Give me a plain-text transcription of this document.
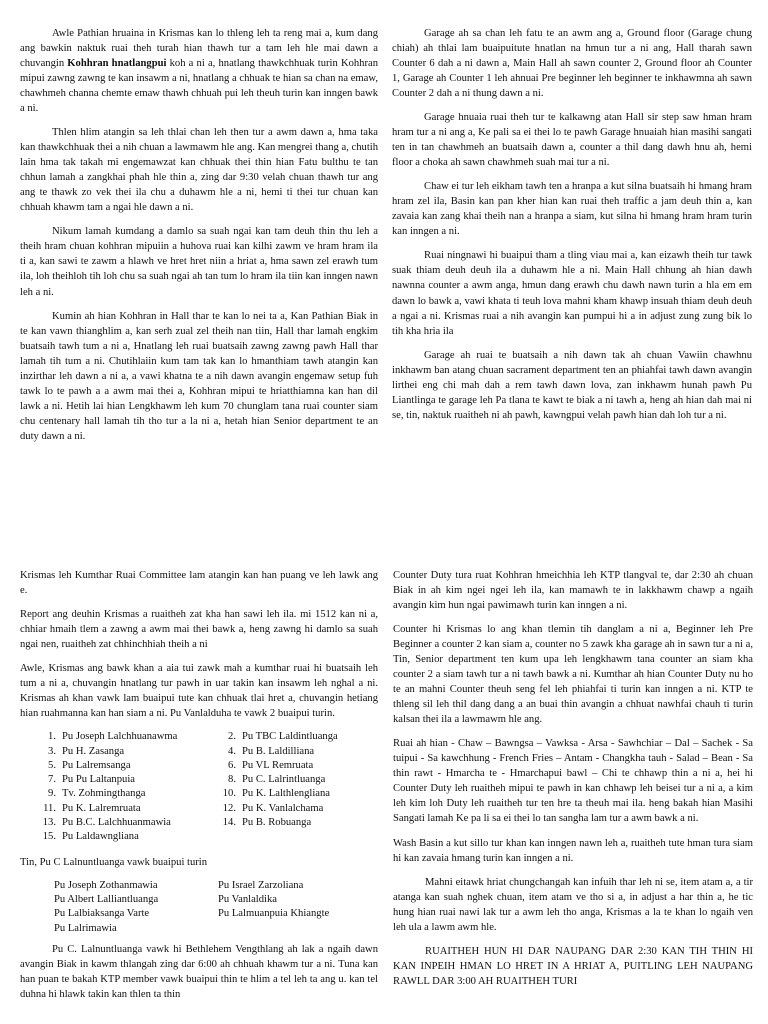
Awle Pathian hruaina in Krismas kan lo thleng leh ta reng mai a, kum dang ang bawkin naktuk ruai theh turah hian thawh tur a tam leh hle mai dawn a chuvangin Kohhran hnatlangpui koh a ni a, hnatlang thawkchhuak turin Kohhran mipui zawng zawng te kan insawm a ni, hnatlang a chhuak te hian sa chan na emaw, chawhmeh channa chemte emaw thawh chhuah pui leh theuh turin kan inngen bawk a ni.

Thlen hlim atangin sa leh thlai chan leh then tur a awm dawn a, hma taka kan thawkchhuak thei a nih chuan a lawmawm hle ang. Kan mengrei thang a, chutih lain hma tak takah mi engemawzat kan chhuak thei thin hian Fatu bulthu te tan chhun lamah a zangkhai phah hle thin a, zing dar 9:30 velah chuan thawh tur ang ang te thawk zo vek thei ila chu a duhawm hle a ni, hemi ti thei tur chuan kan chhuah khawm tam a ngai hle dawn a ni.

Nikum lamah kumdang a damlo sa suah ngai kan tam deuh thin thu leh a theih hram chuan kohhran mipuiin a huhova ruai kan kilhi zawm ve hram hram ila ti a, kan sawi te zawm a hlawh ve hret hret niin a hriat a, hma sawn zel erawh tum ila, loh theihloh tih loh chu sa suah ngai ah tan tum lo hram ila tiin kan inngen nawn leh a ni.

Kumin ah hian Kohhran in Hall thar te kan lo nei ta a, Kan Pathian Biak in te kan vawn thianghlim a, kan serh zual zel theih nan tiin, Hall thar lamah engkim buatsaih tawh tum a ni a, Hnatlang leh ruai buatsaih zawng zawng pawh Hall thar lamah tih tum a ni. Chutihlaiin kum tam tak kan lo hmanthiam tawh atangin kan inzirthar leh dawn a ni a, a vawi khatna te a nih dawn avangin engemaw setup fuh tawk lo te pawh a a awm mai thei a, Kohhran mipui te hriatthiamna kan han dil lawk a ni. Hetih lai hian Lengkhawm leh kum 70 chunglam tana ruai counter siam chu centenary hall lamah tih tho tur a la ni a, hetah hian Senior department te an duty dawn a ni.

Garage ah sa chan leh fatu te an awm ang a, Ground floor (Garage chung chiah) ah thlai lam buaipuitute hnatlan na hmun tur a ni ang, Hall tharah sawn Counter 6 dah a ni dawn a, Main Hall ah sawn counter 2, Ground floor ah Counter 1, Garage ah Counter 1 leh ahnuai Pre beginner leh beginner te inkhawmna ah sawn Counter 2 dah a ni thung dawn a ni.

Garage hnuaia ruai theh tur te kalkawng atan Hall sir step saw hman hram hram tur a ni ang a, Ke pali sa ei thei lo te pawh Garage hnuaiah hian masihi sangati ten in tan chawhmeh an buatsaih dawn a, counter a thil dang dawh hnu ah, hemi floor a choka ah sawn chawhmeh suah mai tur a ni.

Chaw ei tur leh eikham tawh ten a hranpa a kut silna buatsaih hi hmang hram hram zel ila, Basin kan pan kher hian kan ruai theh traffic a jam deuh thin a, kan zavaia kan zang khai theih nan a hranpa a siam, kut silna hi hmang hram hram turin kan inngen a ni.

Ruai ningnawi hi buaipui tham a tling viau mai a, kan eizawh theih tur tawk suak thiam deuh deuh ila a duhawm hle a ni. Main Hall chhung ah hian dawh nawnna counter a awm anga, hmun dang erawh chu dawh nawn turin a hla em em dawn lo bawk a, vawi khata ti teuh lova mahni kham khawp insuah thiam deuh deuh a ngai a ni. Krismas ruai a nih avangin kan pumpui hi a in adjust zung zung bik lo tih kha hria ila

Garage ah ruai te buatsaih a nih dawn tak ah chuan Vawiin chawhnu inkhawm ban atang chuan sacrament department ten an phiahfai tawh dawn avangin lirthei eng chi mah dah a rem tawh dawn lova, zan inkhawm hunah pawh Pu Liantlinga te garage leh Pa tlana te kawt te biak a ni tawh a, heng ah hian dah mai ni se, tin, naktuk ruaitheh ni ah pawh, kawngpui velah pawh hian dah loh tur a ni.

Krismas leh Kumthar Ruai Committee lam atangin kan han puang ve leh lawk ang e.

Report ang deuhin Krismas a ruaitheh zat kha han sawi leh ila. mi 1512 kan ni a, chhiar hmaih tlem a zawng a awm mai thei bawk a, heng zawng hi damlo sa suah ngai nen, ruaitheh zat chhinchhiah theih a ni

Awle, Krismas ang bawk khan a aia tui zawk mah a kumthar ruai hi buatsaih leh tum a ni a, chuvangin hnatlang tur pawh in uar takin kan insawm leh nghal a ni. Krismas ah khan vawk lam buaipui tute kan chhuak tlai hret a, chuvangin hetiang hian ruahmanna kan han siam a ni. Pu Vanlalduha te vawk 2 buaipui turin.

1. Pu Joseph Lalchhuanawma	2. Pu TBC Laldintluanga
3. Pu H. Zasanga	4. Pu B. Laldilliana
5. Pu Lalremsanga	6. Pu VL Remruata
7. Pu Pu Laltanpuia	8. Pu C. Lalrintluanga
9. Tv. Zohmingthanga	10. Pu K. Lalthlengliana
11. Pu K. Lalremruata	12. Pu K. Vanlalchama
13. Pu B.C. Lalchhuanmawia	14. Pu B. Robuanga
15. Pu Laldawngliana

Tin, Pu C Lalnuntluanga vawk buaipui turin

Pu Joseph Zothanmawia	Pu Israel Zarzoliana
Pu Albert Lalliantluanga	Pu Vanlaldika
Pu Lalbiaksanga Varte	Pu Lalmuanpuia Khiangte
Pu Lalrimawia

Pu C. Lalnuntluanga vawk hi Bethlehem Vengthlang ah lak a ngaih dawn avangin Biak in kawm thlangah zing dar 6:00 ah chhuah khawm tur a ni. Tuna kan han puan te bakah KTP member vawk buaipui thin te hlim a tel leh ta ang u. kan tel duhna hi hlawk takin kan thlen ta thin

Counter Duty tura ruat Kohhran hmeichhia leh KTP tlangval te, dar 2:30 ah chuan Biak in ah kim ngei ngei leh ila, kan mamawh te in lakkhawm chawp a ngaih avangin kim hun ngai pawimawh turin kan inngen a ni.

Counter hi Krismas lo ang khan tlemin tih danglam a ni a, Beginner leh Pre Beginner a counter 2 kan siam a, counter no 5 zawk kha garage ah in sawn tur a ni a, Tin, Senior department ten kum upa leh lengkhawm tana counter an siam kha counter 2 a siam tawh tur a ni tawh bawk a ni. Kumthar ah hian Counter Duty nu ho te an mahni Counter theuh seng fel leh phiahfai ti turin kan inngen a ni. KTP te thleng sil leh thil dang dang a an buai thin avangin a chhuat nawhfai chauh ti turin kalsan thei ila a lawmawm hle ang.

Ruai ah hian - Chaw – Bawngsa – Vawksa - Arsa - Sawhchiar – Dal – Sachek - Sa tuipui - Sa kawchhung - French Fries – Antam - Changkha tauh - Salad – Bean - Sa thin rawt - Hmarcha te - Hmarchapui bawl – Chi te chhawp thin a ni a, hei hi Counter Duty leh ruaitheh mipui te pawh in kan chhawp leh beisei tur a ni a, a kim leh kim loh Duty leh ruaitheh tur ten hre ta theuh mai ila. heng bakah hian Masihi Sangati lamah Ke pa li sa ei thei lo tan sangha lam tur a awm bawk a ni.

Wash Basin a kut sillo tur khan kan inngen nawn leh a, ruaitheh tute hman tura siam hi kan zavaia hmang turin kan inngen a ni.

Mahni eitawk hriat chungchangah kan infuih thar leh ni se, item atam a, a tir atanga kan suah nghek chuan, item atam ve tho si a, in adjust a har thin a, he tic hung hian ruai nawi lak tur a awm leh tho anga, Krismas a la te khan lo ngaih ven leh ula a lawm awm hle.

RUAITHEH HUN HI DAR NAUPANG DAR 2:30 KAN TIH THIN HI KAN INPEIH HMAN LO HRET IN A HRIAT A, PUITLING LEH NAUPANG RAWLL DAR 3:00 AH RUAITHEH TURI
